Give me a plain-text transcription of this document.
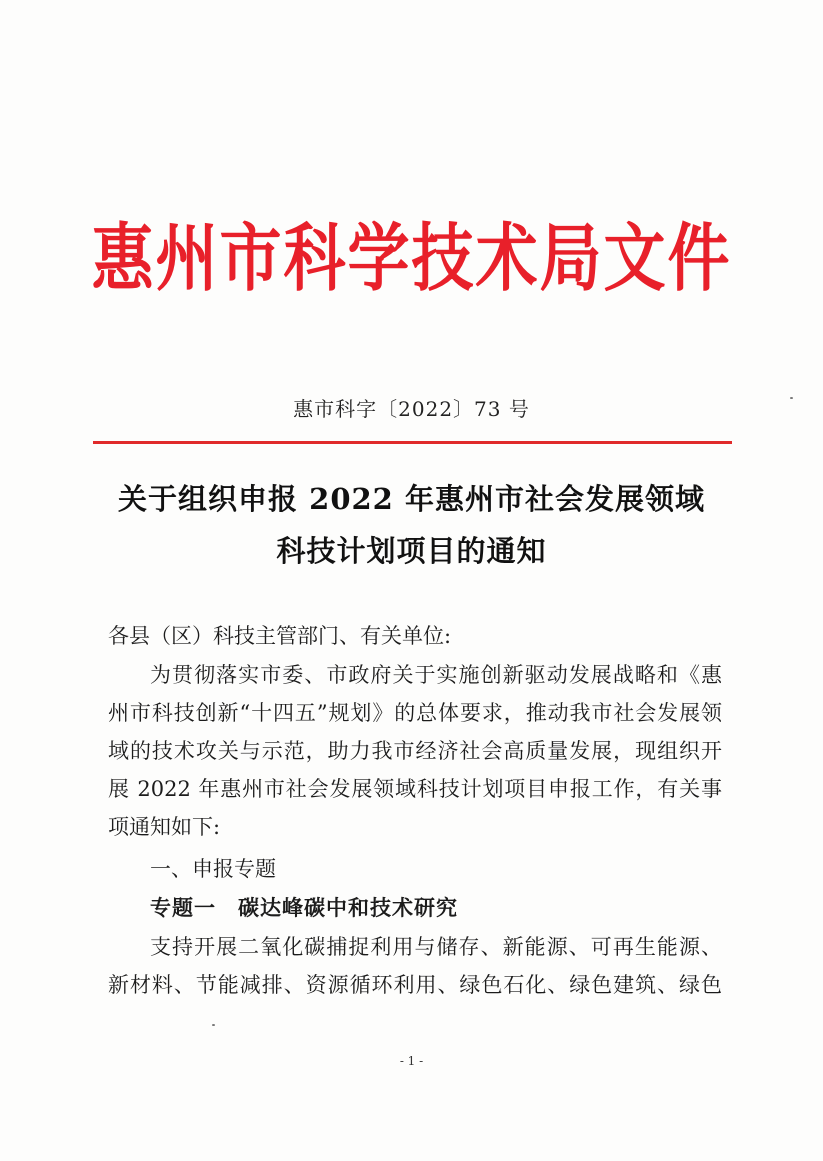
惠州市科学技术局文件
惠市科字〔2022〕73 号
关于组织申报 2022 年惠州市社会发展领域
科技计划项目的通知
各县（区）科技主管部门、有关单位:
为贯彻落实市委、市政府关于实施创新驱动发展战略和《惠
州市科技创新“十四五”规划》的总体要求，推动我市社会发展领
域的技术攻关与示范，助力我市经济社会高质量发展，现组织开
展 2022 年惠州市社会发展领域科技计划项目申报工作，有关事
项通知如下:
一、申报专题
专题一　碳达峰碳中和技术研究
支持开展二氧化碳捕捉利用与储存、新能源、可再生能源、
新材料、节能减排、资源循环利用、绿色石化、绿色建筑、绿色
- 1 -
